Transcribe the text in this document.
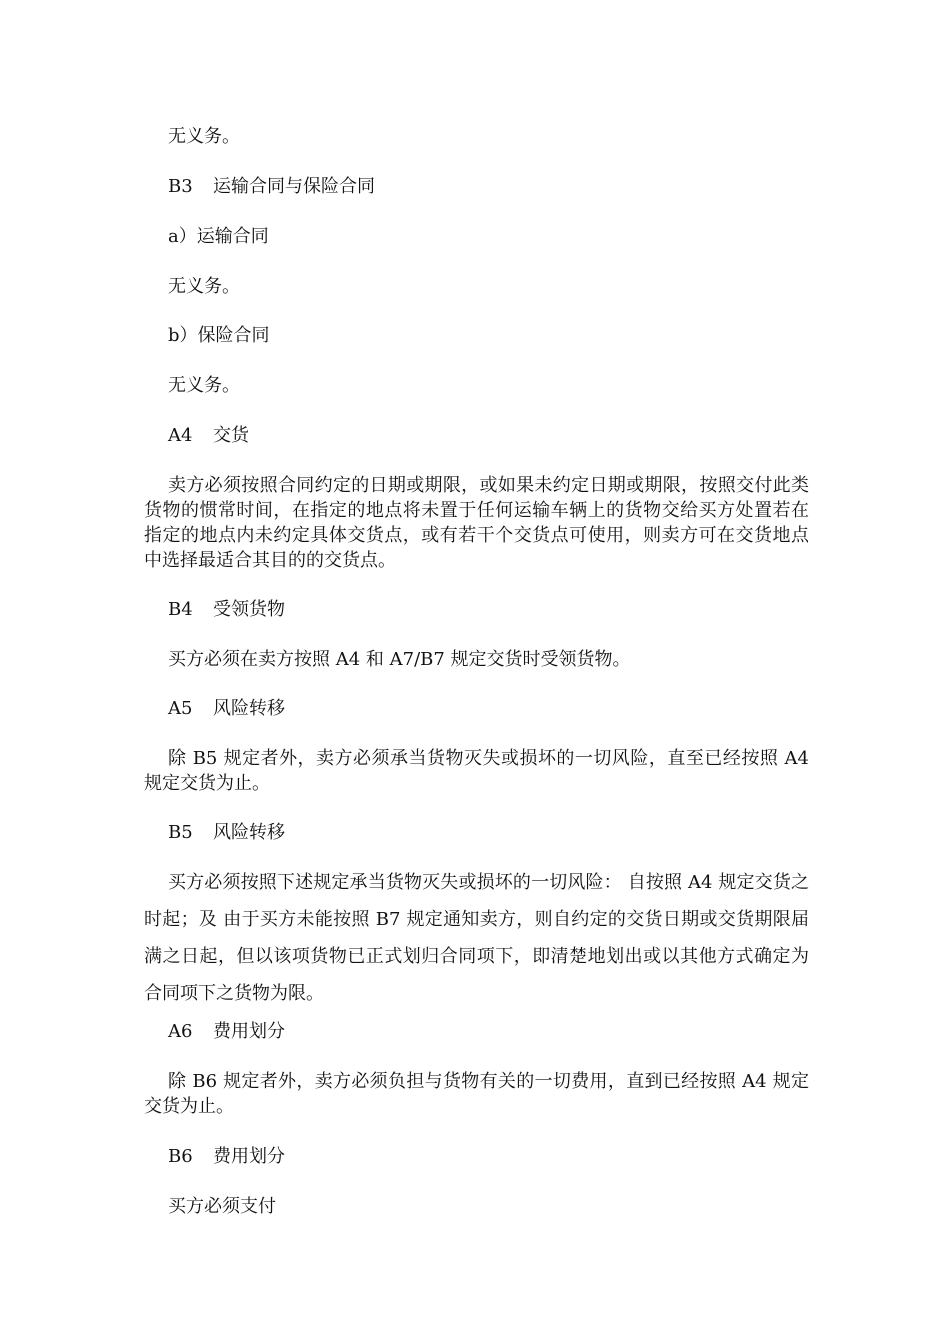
无义务。
B3 运输合同与保险合同
a）运输合同
无义务。
b）保险合同
无义务。
A4 交货
卖方必须按照合同约定的日期或期限，或如果未约定日期或期限，按照交付此类货物的惯常时间，在指定的地点将未置于任何运输车辆上的货物交给买方处置若在指定的地点内未约定具体交货点，或有若干个交货点可使用，则卖方可在交货地点中选择最适合其目的的交货点。
B4 受领货物
买方必须在卖方按照 A4 和 A7/B7 规定交货时受领货物。
A5 风险转移
除 B5 规定者外，卖方必须承当货物灭失或损坏的一切风险，直至已经按照 A4 规定交货为止。
B5 风险转移
买方必须按照下述规定承当货物灭失或损坏的一切风险： 自按照 A4 规定交货之时起；及 由于买方未能按照 B7 规定通知卖方，则自约定的交货日期或交货期限届满之日起，但以该项货物已正式划归合同项下，即清楚地划出或以其他方式确定为合同项下之货物为限。
A6 费用划分
除 B6 规定者外，卖方必须负担与货物有关的一切费用，直到已经按照 A4 规定交货为止。
B6 费用划分
买方必须支付
